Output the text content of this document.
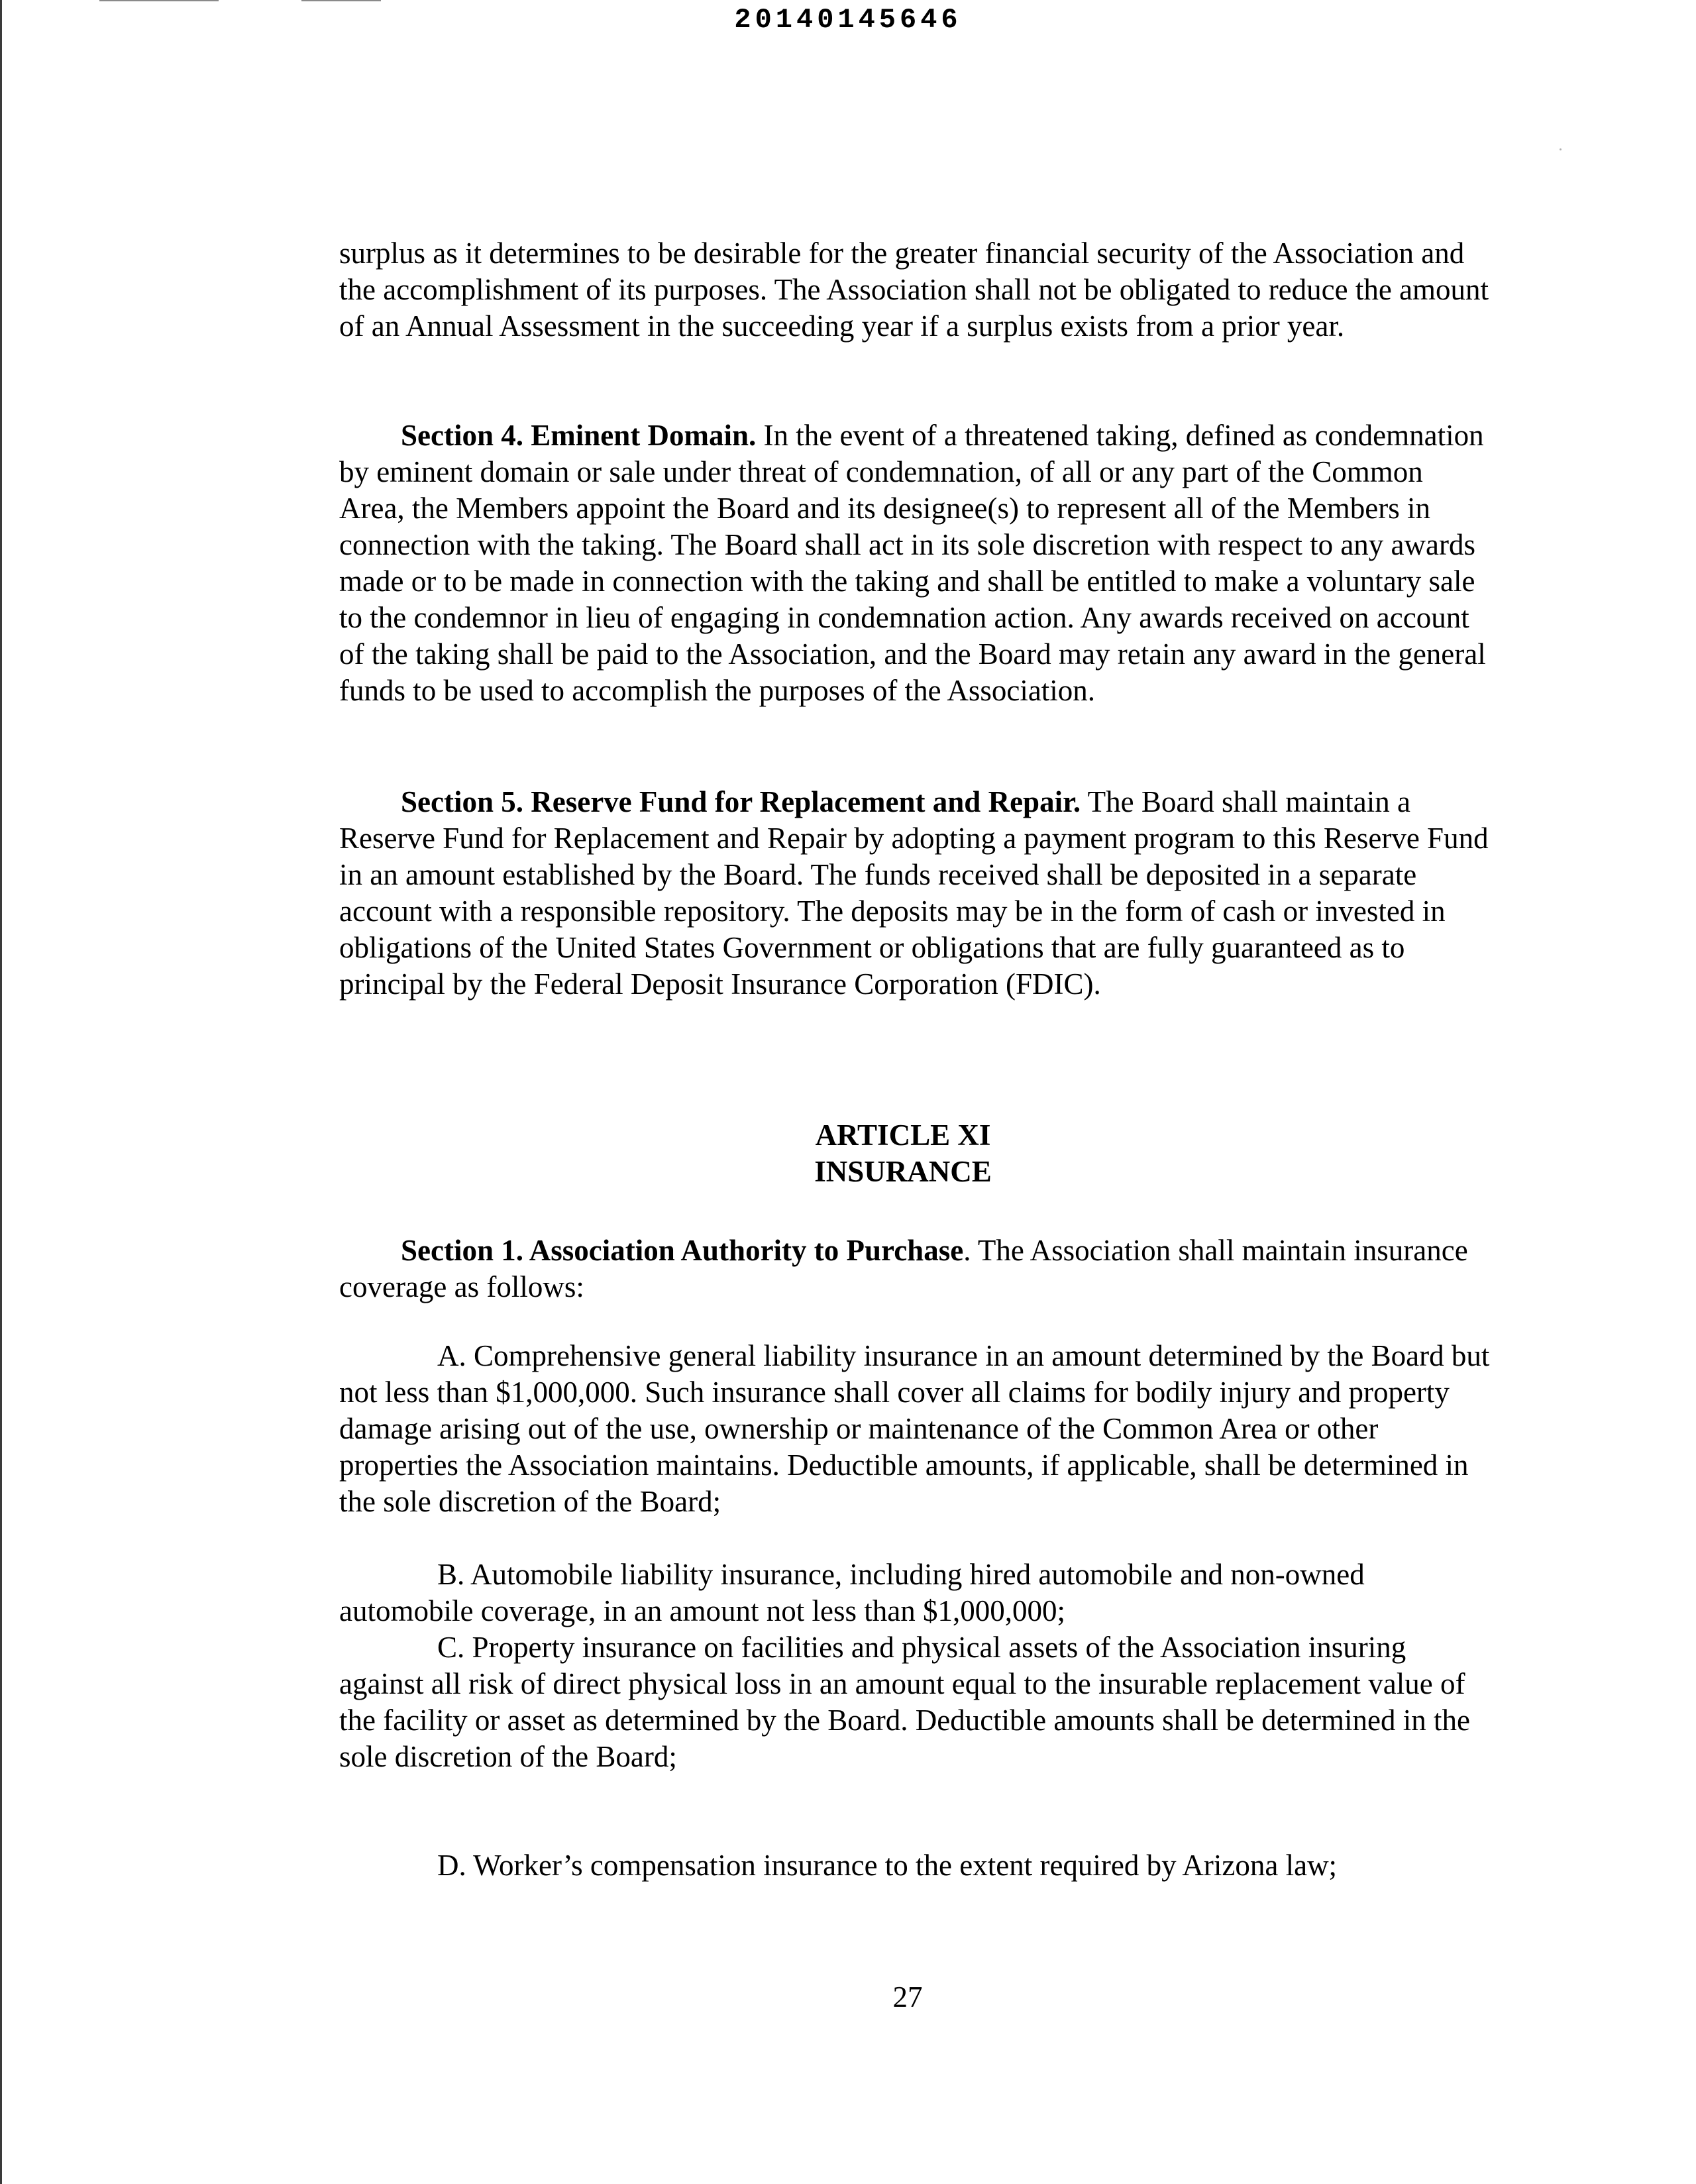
20140145646
surplus as it determines to be desirable for the greater financial security of the Association and the accomplishment of its purposes. The Association shall not be obligated to reduce the amount of an Annual Assessment in the succeeding year if a surplus exists from a prior year.
Section 4. Eminent Domain. In the event of a threatened taking, defined as condemnation by eminent domain or sale under threat of condemnation, of all or any part of the Common Area, the Members appoint the Board and its designee(s) to represent all of the Members in connection with the taking. The Board shall act in its sole discretion with respect to any awards made or to be made in connection with the taking and shall be entitled to make a voluntary sale to the condemnor in lieu of engaging in condemnation action. Any awards received on account of the taking shall be paid to the Association, and the Board may retain any award in the general funds to be used to accomplish the purposes of the Association.
Section 5. Reserve Fund for Replacement and Repair. The Board shall maintain a Reserve Fund for Replacement and Repair by adopting a payment program to this Reserve Fund in an amount established by the Board. The funds received shall be deposited in a separate account with a responsible repository. The deposits may be in the form of cash or invested in obligations of the United States Government or obligations that are fully guaranteed as to principal by the Federal Deposit Insurance Corporation (FDIC).
ARTICLE XI
INSURANCE
Section 1. Association Authority to Purchase. The Association shall maintain insurance coverage as follows:
A. Comprehensive general liability insurance in an amount determined by the Board but not less than $1,000,000. Such insurance shall cover all claims for bodily injury and property damage arising out of the use, ownership or maintenance of the Common Area or other properties the Association maintains. Deductible amounts, if applicable, shall be determined in the sole discretion of the Board;
B. Automobile liability insurance, including hired automobile and non-owned automobile coverage, in an amount not less than $1,000,000;
C. Property insurance on facilities and physical assets of the Association insuring against all risk of direct physical loss in an amount equal to the insurable replacement value of the facility or asset as determined by the Board. Deductible amounts shall be determined in the sole discretion of the Board;
D. Worker’s compensation insurance to the extent required by Arizona law;
27
